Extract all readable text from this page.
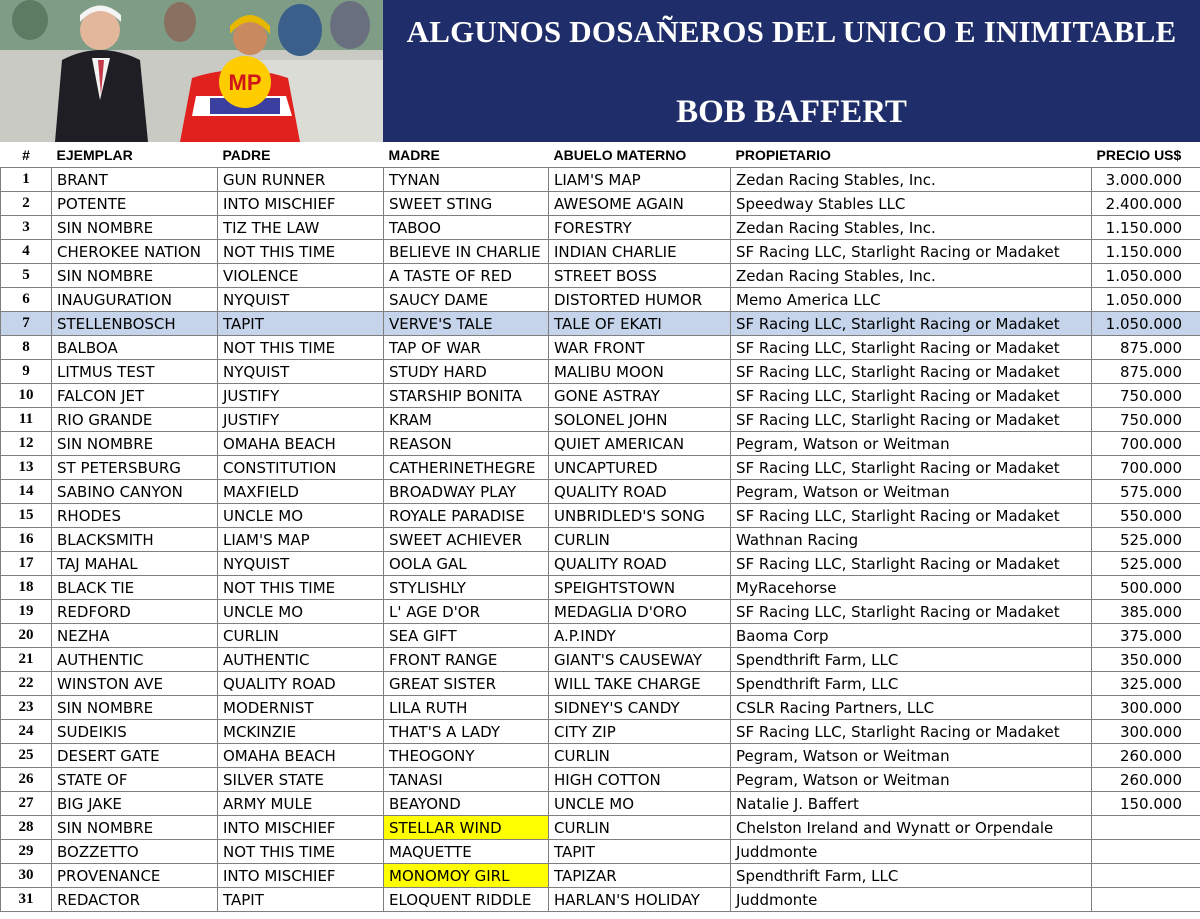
MP
ALGUNOS DOSAÑEROS DEL UNICO E INIMITABLE
BOB BAFFERT
#	EJEMPLAR	PADRE	MADRE	ABUELO MATERNO	PROPIETARIO	PRECIO US$
1	BRANT	GUN RUNNER	TYNAN	LIAM'S MAP	Zedan Racing Stables, Inc.	3.000.000
2	POTENTE	INTO MISCHIEF	SWEET STING	AWESOME AGAIN	Speedway Stables LLC	2.400.000
3	SIN NOMBRE	TIZ THE LAW	TABOO	FORESTRY	Zedan Racing Stables, Inc.	1.150.000
4	CHEROKEE NATION	NOT THIS TIME	BELIEVE IN CHARLIE	INDIAN CHARLIE	SF Racing LLC, Starlight Racing or Madaket	1.150.000
5	SIN NOMBRE	VIOLENCE	A TASTE OF RED	STREET BOSS	Zedan Racing Stables, Inc.	1.050.000
6	INAUGURATION	NYQUIST	SAUCY DAME	DISTORTED HUMOR	Memo America LLC	1.050.000
7	STELLENBOSCH	TAPIT	VERVE'S TALE	TALE OF EKATI	SF Racing LLC, Starlight Racing or Madaket	1.050.000
8	BALBOA	NOT THIS TIME	TAP OF WAR	WAR FRONT	SF Racing LLC, Starlight Racing or Madaket	875.000
9	LITMUS TEST	NYQUIST	STUDY HARD	MALIBU MOON	SF Racing LLC, Starlight Racing or Madaket	875.000
10	FALCON JET	JUSTIFY	STARSHIP BONITA	GONE ASTRAY	SF Racing LLC, Starlight Racing or Madaket	750.000
11	RIO GRANDE	JUSTIFY	KRAM	SOLONEL JOHN	SF Racing LLC, Starlight Racing or Madaket	750.000
12	SIN NOMBRE	OMAHA BEACH	REASON	QUIET AMERICAN	Pegram, Watson or Weitman	700.000
13	ST PETERSBURG	CONSTITUTION	CATHERINETHEGRE	UNCAPTURED	SF Racing LLC, Starlight Racing or Madaket	700.000
14	SABINO CANYON	MAXFIELD	BROADWAY PLAY	QUALITY ROAD	Pegram, Watson or Weitman	575.000
15	RHODES	UNCLE MO	ROYALE PARADISE	UNBRIDLED'S SONG	SF Racing LLC, Starlight Racing or Madaket	550.000
16	BLACKSMITH	LIAM'S MAP	SWEET ACHIEVER	CURLIN	Wathnan Racing	525.000
17	TAJ MAHAL	NYQUIST	OOLA GAL	QUALITY ROAD	SF Racing LLC, Starlight Racing or Madaket	525.000
18	BLACK TIE	NOT THIS TIME	STYLISHLY	SPEIGHTSTOWN	MyRacehorse	500.000
19	REDFORD	UNCLE MO	L' AGE D'OR	MEDAGLIA D'ORO	SF Racing LLC, Starlight Racing or Madaket	385.000
20	NEZHA	CURLIN	SEA GIFT	A.P.INDY	Baoma Corp	375.000
21	AUTHENTIC	AUTHENTIC	FRONT RANGE	GIANT'S CAUSEWAY	Spendthrift Farm, LLC	350.000
22	WINSTON AVE	QUALITY ROAD	GREAT SISTER	WILL TAKE CHARGE	Spendthrift Farm, LLC	325.000
23	SIN NOMBRE	MODERNIST	LILA RUTH	SIDNEY'S CANDY	CSLR Racing Partners, LLC	300.000
24	SUDEIKIS	MCKINZIE	THAT'S A LADY	CITY ZIP	SF Racing LLC, Starlight Racing or Madaket	300.000
25	DESERT GATE	OMAHA BEACH	THEOGONY	CURLIN	Pegram, Watson or Weitman	260.000
26	STATE OF	SILVER STATE	TANASI	HIGH COTTON	Pegram, Watson or Weitman	260.000
27	BIG JAKE	ARMY MULE	BEAYOND	UNCLE MO	Natalie J. Baffert	150.000
28	SIN NOMBRE	INTO MISCHIEF	STELLAR WIND	CURLIN	Chelston Ireland and Wynatt or Orpendale	
29	BOZZETTO	NOT THIS TIME	MAQUETTE	TAPIT	Juddmonte	
30	PROVENANCE	INTO MISCHIEF	MONOMOY GIRL	TAPIZAR	Spendthrift Farm, LLC	
31	REDACTOR	TAPIT	ELOQUENT RIDDLE	HARLAN'S HOLIDAY	Juddmonte	
